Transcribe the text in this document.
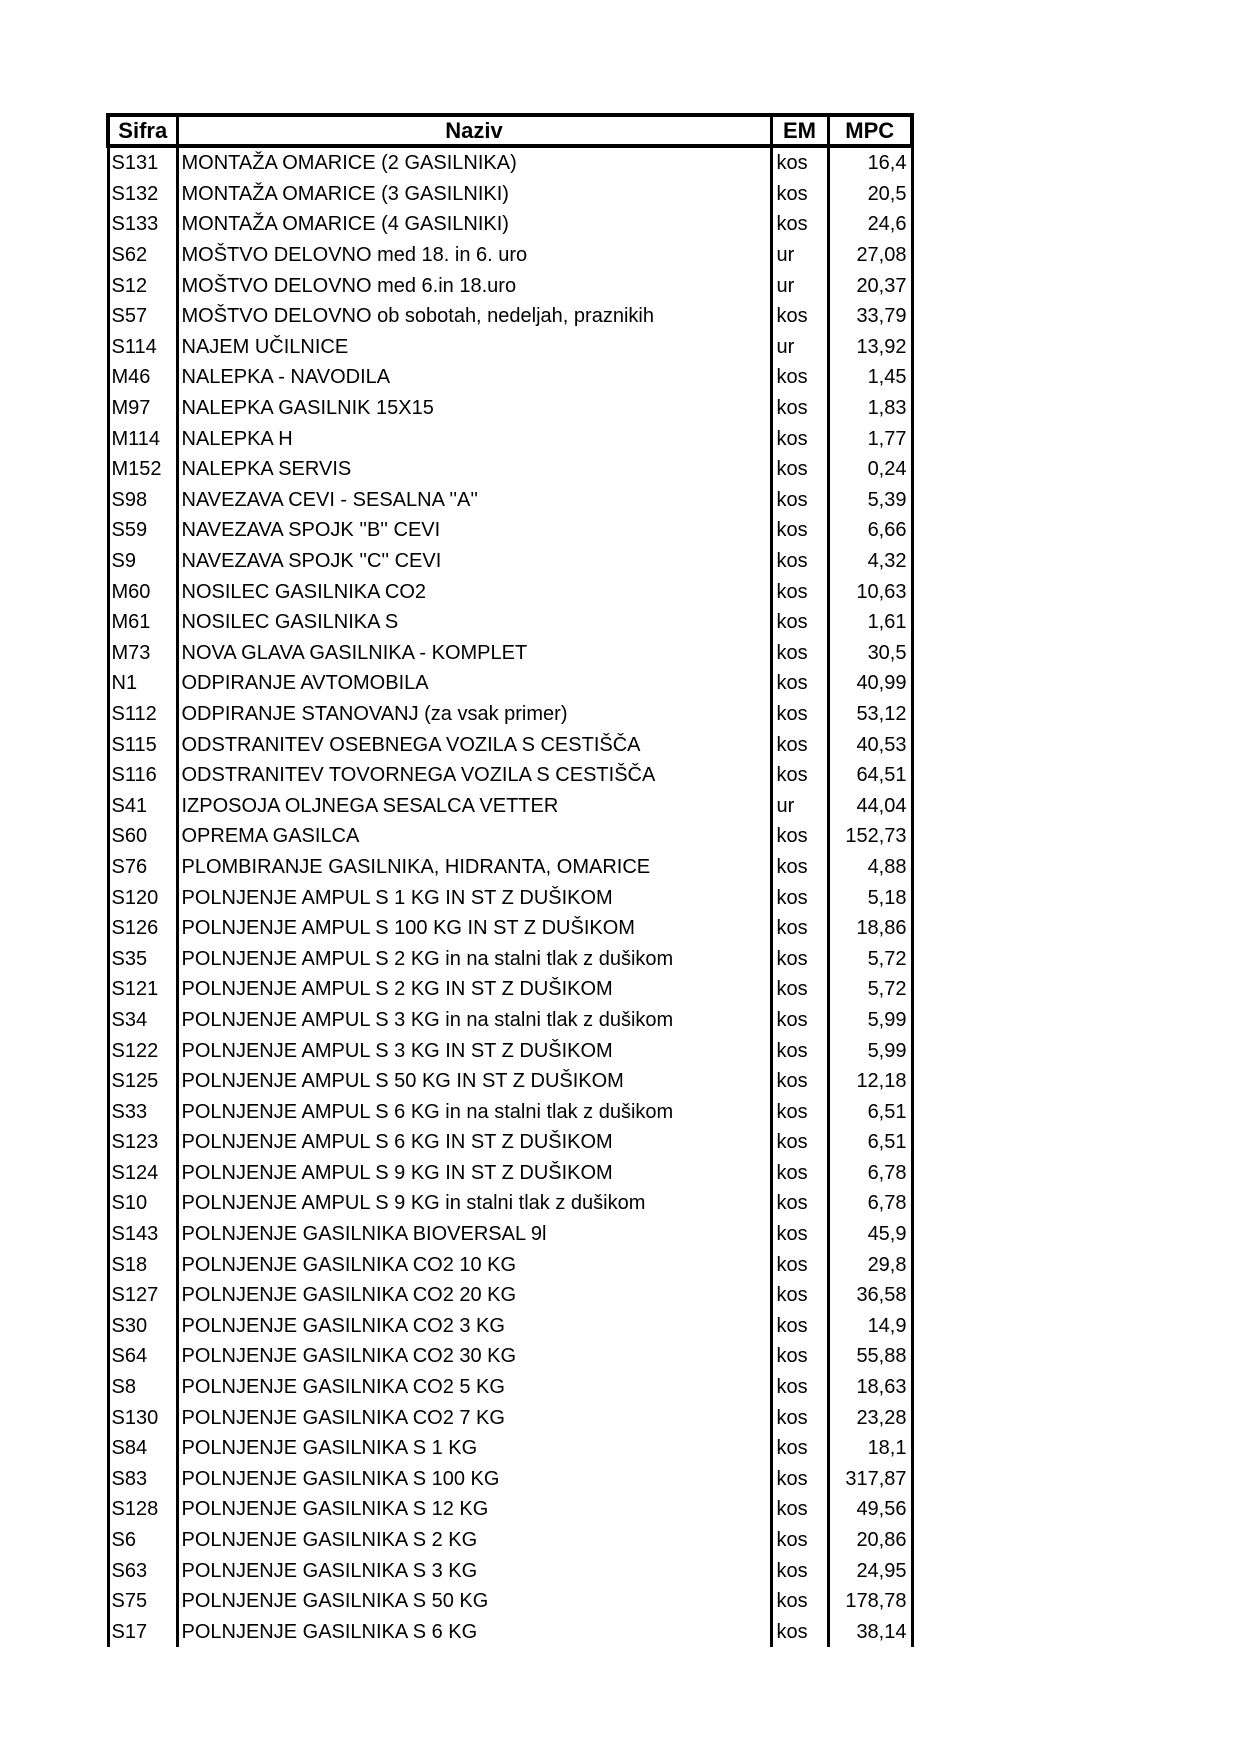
Sifra	Naziv	EM	MPC
S131	MONTAŽA OMARICE (2 GASILNIKA)	kos	16,4
S132	MONTAŽA OMARICE (3 GASILNIKI)	kos	20,5
S133	MONTAŽA OMARICE (4 GASILNIKI)	kos	24,6
S62	MOŠTVO DELOVNO med 18. in 6. uro	ur	27,08
S12	MOŠTVO DELOVNO med 6.in 18.uro	ur	20,37
S57	MOŠTVO DELOVNO ob sobotah, nedeljah, praznikih	kos	33,79
S114	NAJEM UČILNICE	ur	13,92
M46	NALEPKA - NAVODILA	kos	1,45
M97	NALEPKA GASILNIK 15X15	kos	1,83
M114	NALEPKA H	kos	1,77
M152	NALEPKA SERVIS	kos	0,24
S98	NAVEZAVA CEVI - SESALNA ''A''	kos	5,39
S59	NAVEZAVA SPOJK ''B'' CEVI	kos	6,66
S9	NAVEZAVA SPOJK ''C'' CEVI	kos	4,32
M60	NOSILEC GASILNIKA CO2	kos	10,63
M61	NOSILEC GASILNIKA S	kos	1,61
M73	NOVA GLAVA GASILNIKA - KOMPLET	kos	30,5
N1	ODPIRANJE AVTOMOBILA	kos	40,99
S112	ODPIRANJE STANOVANJ (za vsak primer)	kos	53,12
S115	ODSTRANITEV OSEBNEGA VOZILA S CESTIŠČA	kos	40,53
S116	ODSTRANITEV TOVORNEGA VOZILA S CESTIŠČA	kos	64,51
S41	IZPOSOJA OLJNEGA SESALCA VETTER	ur	44,04
S60	OPREMA GASILCA	kos	152,73
S76	PLOMBIRANJE GASILNIKA, HIDRANTA, OMARICE	kos	4,88
S120	POLNJENJE AMPUL S 1 KG IN ST Z DUŠIKOM	kos	5,18
S126	POLNJENJE AMPUL S 100 KG IN ST Z DUŠIKOM	kos	18,86
S35	POLNJENJE AMPUL S 2 KG in na stalni tlak z dušikom	kos	5,72
S121	POLNJENJE AMPUL S 2 KG IN ST Z DUŠIKOM	kos	5,72
S34	POLNJENJE AMPUL S 3 KG in na stalni tlak z dušikom	kos	5,99
S122	POLNJENJE AMPUL S 3 KG IN ST Z DUŠIKOM	kos	5,99
S125	POLNJENJE AMPUL S 50 KG IN ST Z DUŠIKOM	kos	12,18
S33	POLNJENJE AMPUL S 6 KG in na stalni tlak z dušikom	kos	6,51
S123	POLNJENJE AMPUL S 6 KG IN ST Z DUŠIKOM	kos	6,51
S124	POLNJENJE AMPUL S 9 KG IN ST Z DUŠIKOM	kos	6,78
S10	POLNJENJE AMPUL S 9 KG in stalni tlak z dušikom	kos	6,78
S143	POLNJENJE GASILNIKA BIOVERSAL 9l	kos	45,9
S18	POLNJENJE GASILNIKA CO2 10 KG	kos	29,8
S127	POLNJENJE GASILNIKA CO2 20 KG	kos	36,58
S30	POLNJENJE GASILNIKA CO2 3 KG	kos	14,9
S64	POLNJENJE GASILNIKA CO2 30 KG	kos	55,88
S8	POLNJENJE GASILNIKA CO2 5 KG	kos	18,63
S130	POLNJENJE GASILNIKA CO2 7 KG	kos	23,28
S84	POLNJENJE GASILNIKA S 1 KG	kos	18,1
S83	POLNJENJE GASILNIKA S 100 KG	kos	317,87
S128	POLNJENJE GASILNIKA S 12 KG	kos	49,56
S6	POLNJENJE GASILNIKA S 2 KG	kos	20,86
S63	POLNJENJE GASILNIKA S 3 KG	kos	24,95
S75	POLNJENJE GASILNIKA S 50 KG	kos	178,78
S17	POLNJENJE GASILNIKA S 6 KG	kos	38,14
